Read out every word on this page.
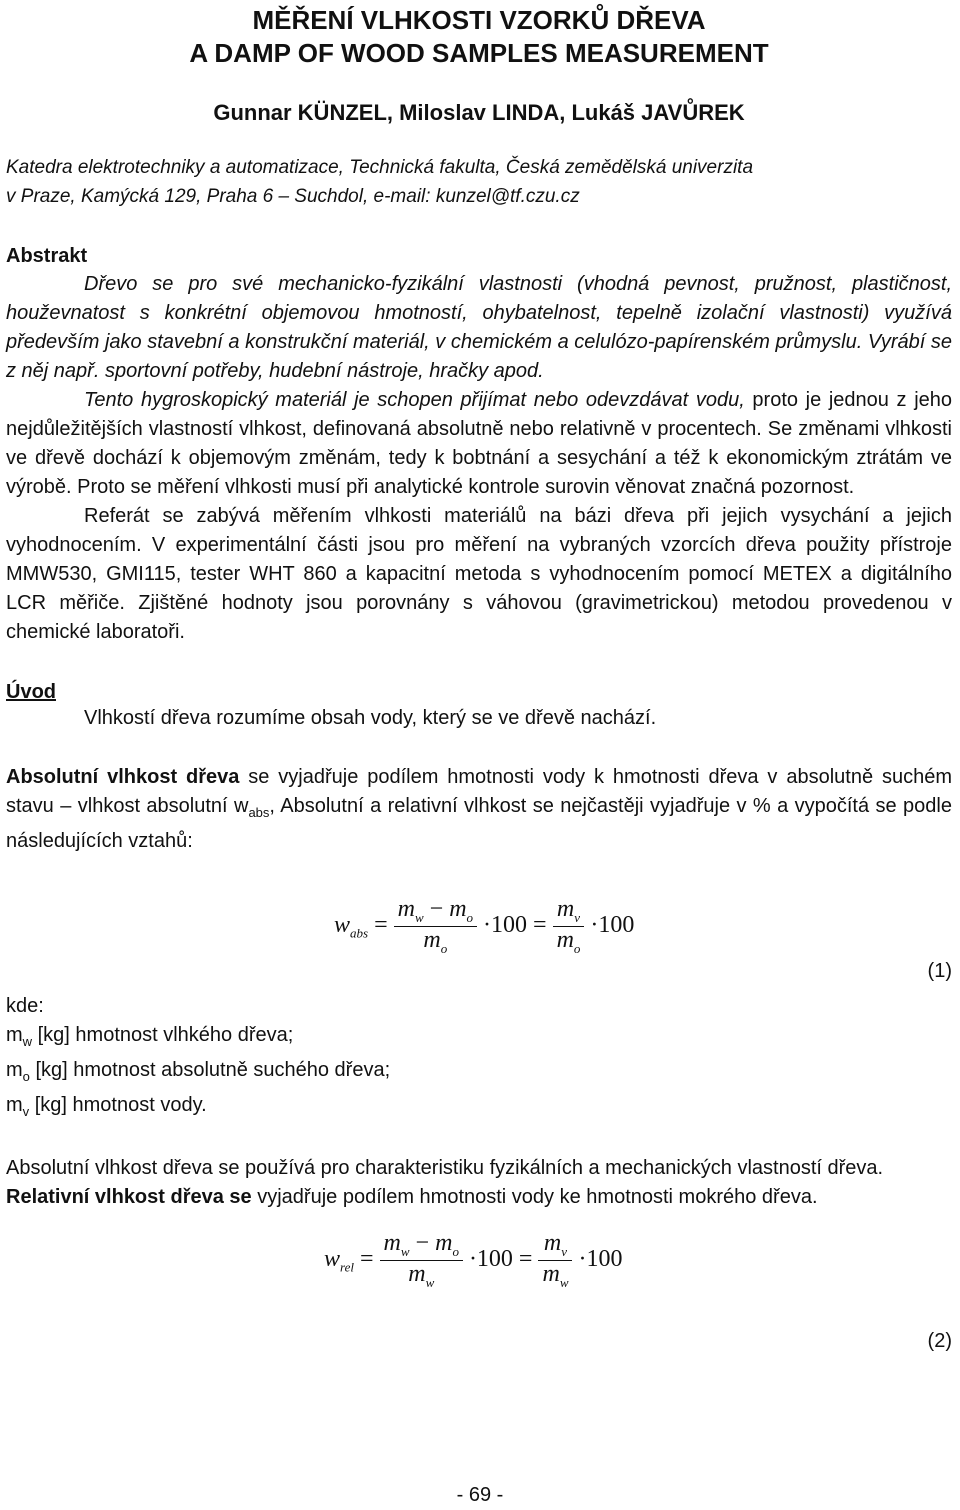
MĚŘENÍ VLHKOSTI VZORKŮ DŘEVA
A DAMP OF WOOD SAMPLES MEASUREMENT
Gunnar KÜNZEL, Miloslav LINDA, Lukáš JAVŮREK
Katedra elektrotechniky a automatizace, Technická fakulta, Česká zemědělská univerzita
v Praze, Kamýcká 129, Praha 6 – Suchdol, e-mail: kunzel@tf.czu.cz
Abstrakt

Dřevo se pro své mechanicko-fyzikální vlastnosti (vhodná pevnost, pružnost, plastičnost, houževnatost s konkrétní objemovou hmotností, ohybatelnost, tepelně izolační vlastnosti) využívá především jako stavební a konstrukční materiál, v chemickém a celulózo-papírenském průmyslu. Vyrábí se z něj např. sportovní potřeby, hudební nástroje, hračky apod.

Tento hygroskopický materiál je schopen přijímat nebo odevzdávat vodu, proto je jednou z jeho nejdůležitějších vlastností vlhkost, definovaná absolutně nebo relativně v procentech. Se změnami vlhkosti ve dřevě dochází k objemovým změnám, tedy k bobtnání a sesychání a též k ekonomickým ztrátám ve výrobě. Proto se měření vlhkosti musí při analytické kontrole surovin věnovat značná pozornost.

Referát se zabývá měřením vlhkosti materiálů na bázi dřeva při jejich vysychání a jejich vyhodnocením. V experimentální části jsou pro měření na vybraných vzorcích dřeva použity přístroje MMW530, GMI115, tester WHT 860 a kapacitní metoda s vyhodnocením pomocí METEX a digitálního LCR měřiče. Zjištěné hodnoty jsou porovnány s váhovou (gravimetrickou) metodou provedenou v chemické laboratoři.

Úvod

Vlhkostí dřeva rozumíme obsah vody, který se ve dřevě nachází.

Absolutní vlhkost dřeva se vyjadřuje podílem hmotnosti vody k hmotnosti dřeva v absolutně suchém stavu – vlhkost absolutní $w_{abs}$, Absolutní a relativní vlhkost se nejčastěji vyjadřuje v % a vypočítá se podle následujících vztahů:

$w_{abs} = \frac{m_w - m_o}{m_o} \cdot 100 = \frac{m_v}{m_o} \cdot 100$
(1)

kde:

$m_w$ [kg] hmotnost vlhkého dřeva;

$m_o$ [kg] hmotnost absolutně suchého dřeva;

$m_v$ [kg] hmotnost vody.

Absolutní vlhkost dřeva se používá pro charakteristiku fyzikálních a mechanických vlastností dřeva.

Relativní vlhkost dřeva se vyjadřuje podílem hmotnosti vody ke hmotnosti mokrého dřeva.

$w_{rel} = \frac{m_w - m_o}{m_w} \cdot 100 = \frac{m_v}{m_w} \cdot 100$
(2)
- 69 -
